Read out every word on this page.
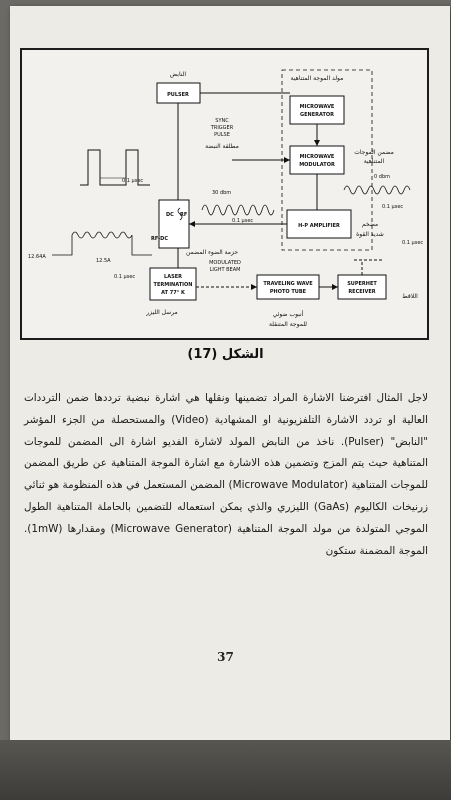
PULSER
النابض
MICROWAVE
GENERATOR
مولد الموجة المتناهية
MICROWAVE
MODULATOR
مضمن الموجات
المتناهية
H-P AMPLIFIER	مضخم
شديد القوة
LASER
TERMINATION
AT 77° K
مرسل الليزر
TRAVELING WAVE
PHOTO TUBE
أنبوب ضوئي
للموجة المتنقلة
SUPERHET
RECEIVER
اللاقط
DC RF
RF-DC
SYNC
TRIGGER
PULSE
مطلقة النبضة
0.1 µsec
0 dbm
0.1 µsec
30 dbm
0.1 µsec
12.64A
12.5A
0.1 µsec
MODULATED
LIGHT BEAM
حزمة الضوء المضمن
0.1 µsec
الشكل (17)

لاجل المثال افترضنا الاشارة المراد تضمينها ونقلها هي اشارة نبضية ترددها ضمن الترددات العالية او تردد الاشارة التلفزيونية او المشهادية (Video) والمستحصلة من الجزء المؤشر "النابض" (Pulser). ناخذ من النابض المولد لاشارة الفديو اشارة الى المضمن للموجات المتناهية حيث يتم المزج وتضمين هذه الاشارة مع اشارة الموجة المتناهية عن طريق المضمن للموجات المتناهية (Microwave Modulator) المضمن المستعمل في هذه المنظومة هو ثنائي زرنيخات الكاليوم (GaAs) الليزري والذي يمكن استعماله للتضمين بالحاملة المتناهية الطول الموجي المتولدة من مولد الموجة المتناهية (Microwave Generator) ومقدارها (1mW). الموجة المضمنة ستكون

37
